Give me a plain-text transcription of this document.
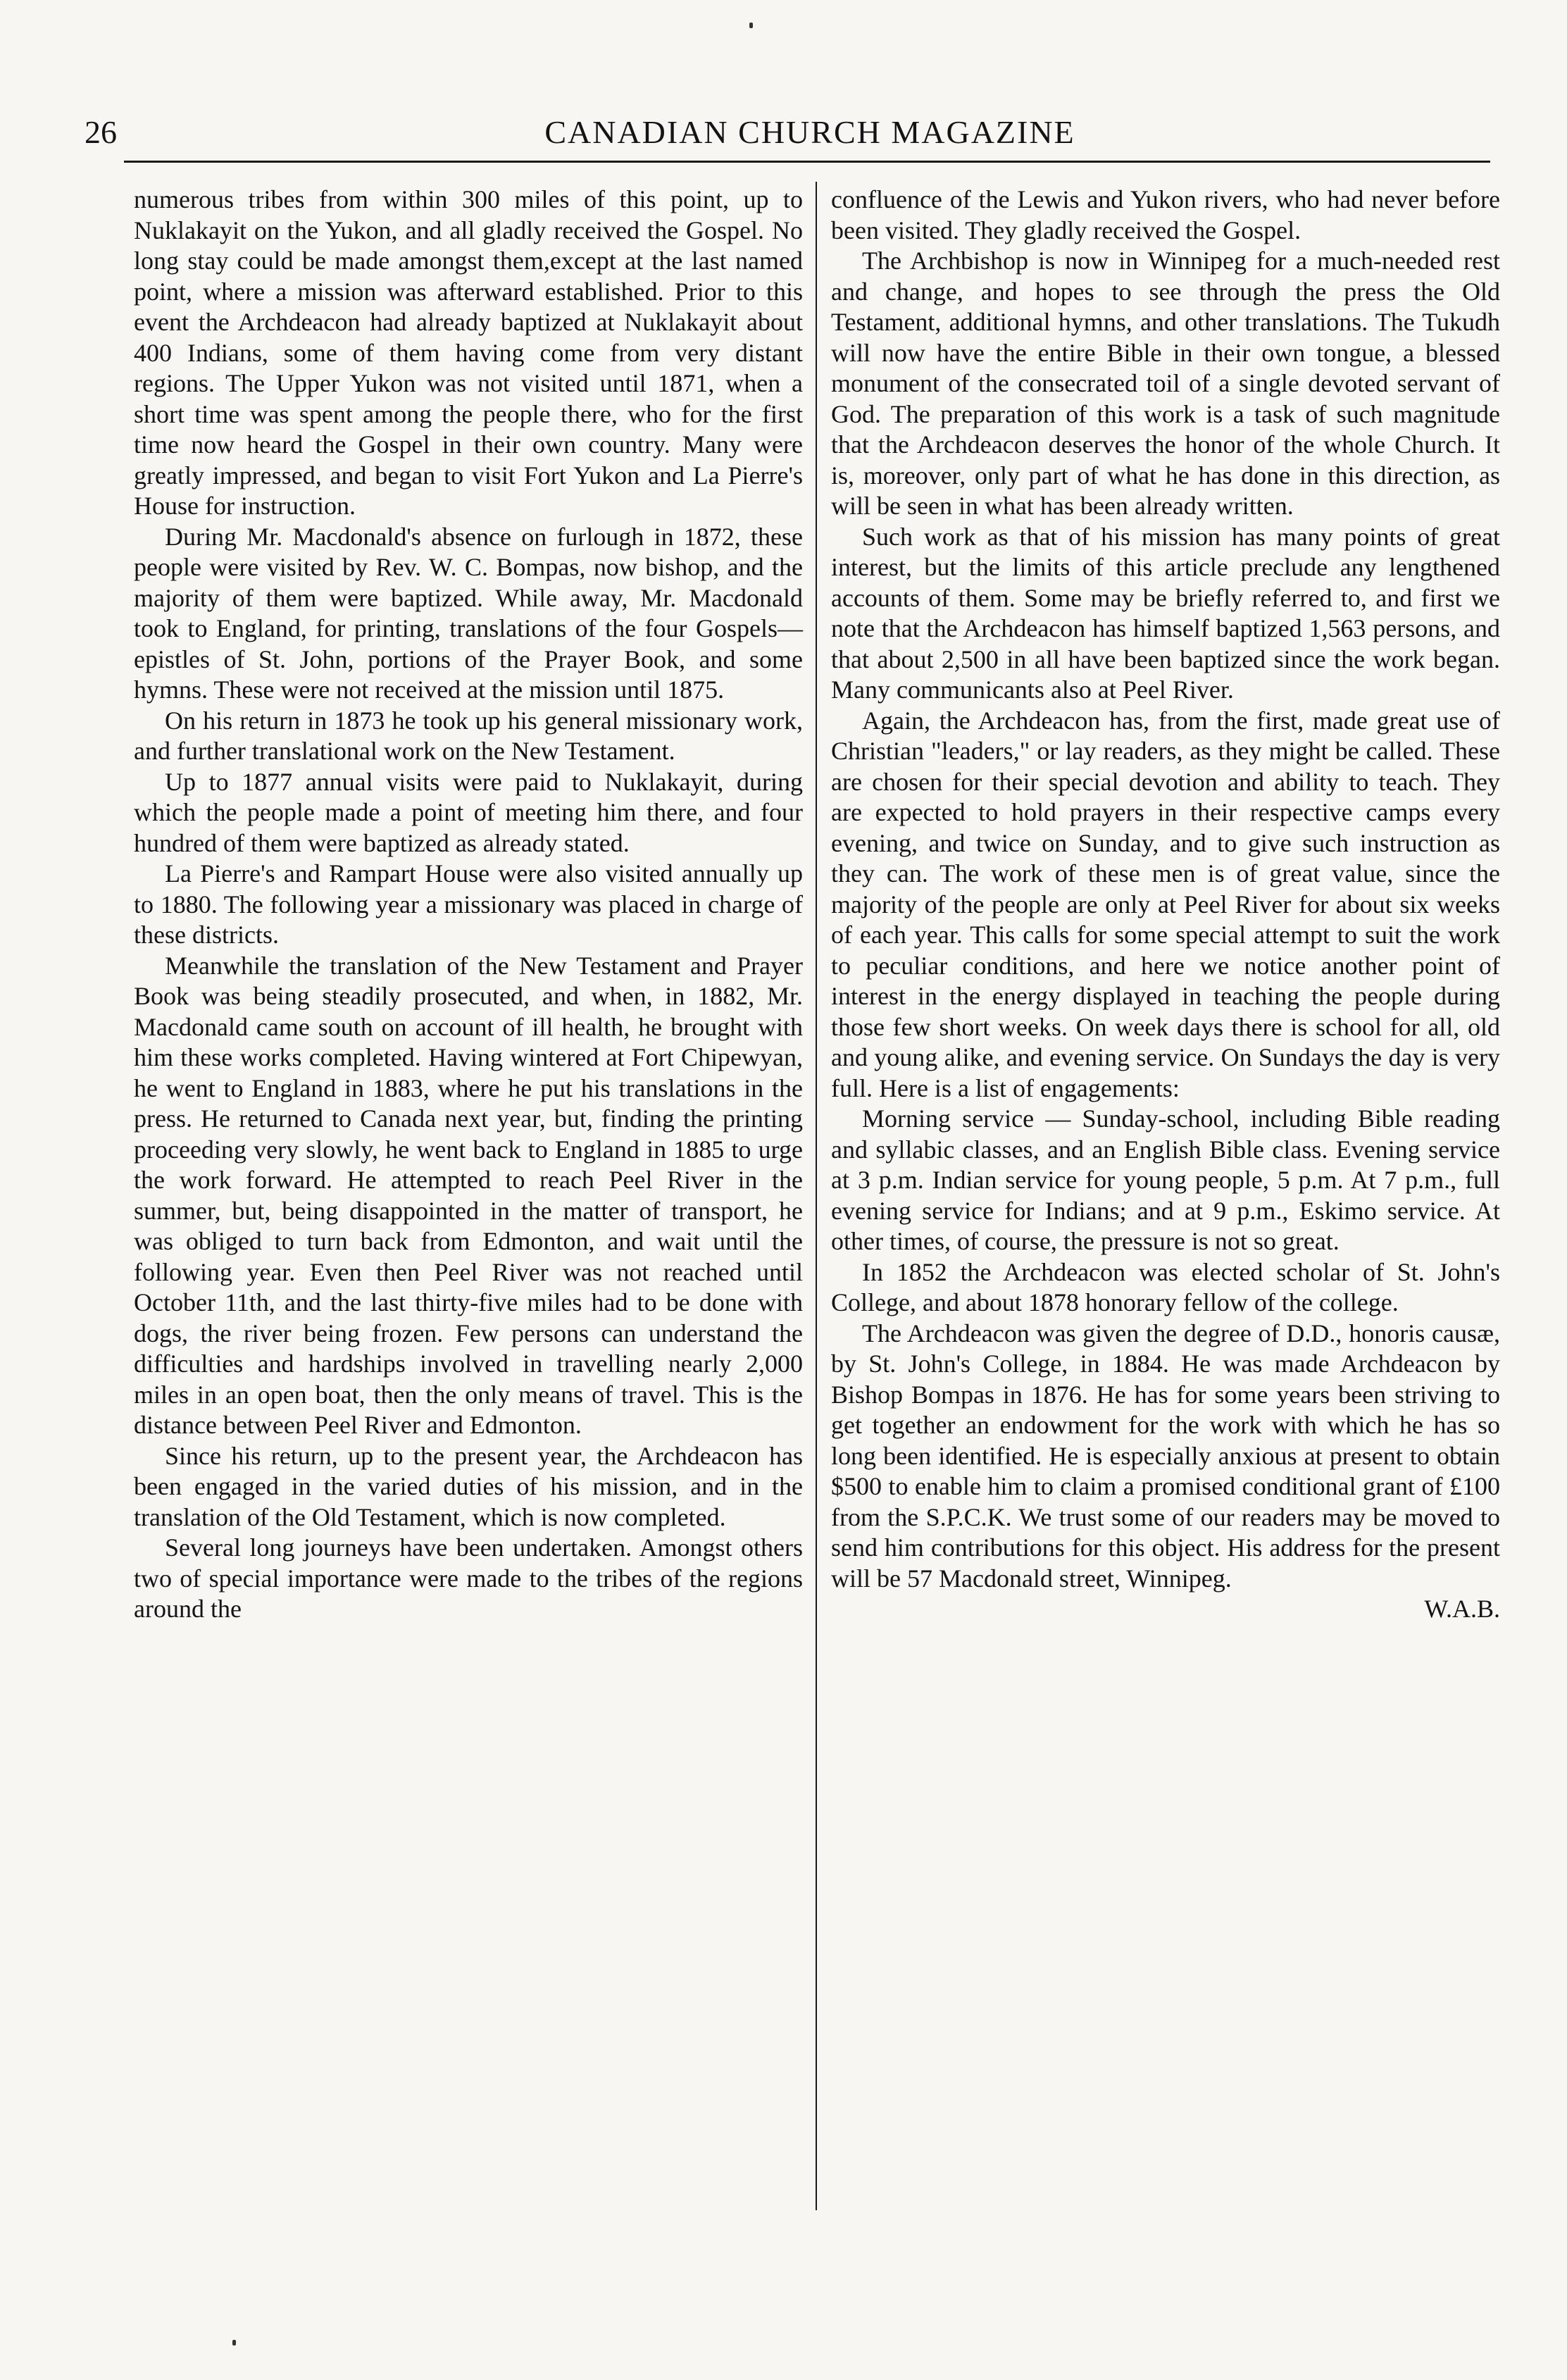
26	CANADIAN CHURCH MAGAZINE

numerous tribes from within 300 miles of this point, up to Nuklakayit on the Yukon, and all gladly received the Gospel. No long stay could be made amongst them,except at the last named point, where a mission was afterward established. Prior to this event the Archdeacon had already baptized at Nuklakayit about 400 Indians, some of them having come from very distant regions. The Upper Yukon was not visited until 1871, when a short time was spent among the people there, who for the first time now heard the Gospel in their own country. Many were greatly impressed, and began to visit Fort Yukon and La Pierre's House for instruction.

During Mr. Macdonald's absence on furlough in 1872, these people were visited by Rev. W. C. Bompas, now bishop, and the majority of them were baptized. While away, Mr. Macdonald took to England, for printing, translations of the four Gospels—epistles of St. John, portions of the Prayer Book, and some hymns. These were not received at the mission until 1875.

On his return in 1873 he took up his general missionary work, and further translational work on the New Testament.

Up to 1877 annual visits were paid to Nuklakayit, during which the people made a point of meeting him there, and four hundred of them were baptized as already stated.

La Pierre's and Rampart House were also visited annually up to 1880. The following year a missionary was placed in charge of these districts.

Meanwhile the translation of the New Testament and Prayer Book was being steadily prosecuted, and when, in 1882, Mr. Macdonald came south on account of ill health, he brought with him these works completed. Having wintered at Fort Chipewyan, he went to England in 1883, where he put his translations in the press. He returned to Canada next year, but, finding the printing proceeding very slowly, he went back to England in 1885 to urge the work forward. He attempted to reach Peel River in the summer, but, being disappointed in the matter of transport, he was obliged to turn back from Edmonton, and wait until the following year. Even then Peel River was not reached until October 11th, and the last thirty-five miles had to be done with dogs, the river being frozen. Few persons can understand the difficulties and hardships involved in travelling nearly 2,000 miles in an open boat, then the only means of travel. This is the distance between Peel River and Edmonton.

Since his return, up to the present year, the Archdeacon has been engaged in the varied duties of his mission, and in the translation of the Old Testament, which is now completed.

Several long journeys have been undertaken. Amongst others two of special importance were made to the tribes of the regions around the

confluence of the Lewis and Yukon rivers, who had never before been visited. They gladly received the Gospel.

The Archbishop is now in Winnipeg for a much-needed rest and change, and hopes to see through the press the Old Testament, additional hymns, and other translations. The Tukudh will now have the entire Bible in their own tongue, a blessed monument of the consecrated toil of a single devoted servant of God. The preparation of this work is a task of such magnitude that the Archdeacon deserves the honor of the whole Church. It is, moreover, only part of what he has done in this direction, as will be seen in what has been already written.

Such work as that of his mission has many points of great interest, but the limits of this article preclude any lengthened accounts of them. Some may be briefly referred to, and first we note that the Archdeacon has himself baptized 1,563 persons, and that about 2,500 in all have been baptized since the work began. Many communicants also at Peel River.

Again, the Archdeacon has, from the first, made great use of Christian "leaders," or lay readers, as they might be called. These are chosen for their special devotion and ability to teach. They are expected to hold prayers in their respective camps every evening, and twice on Sunday, and to give such instruction as they can. The work of these men is of great value, since the majority of the people are only at Peel River for about six weeks of each year. This calls for some special attempt to suit the work to peculiar conditions, and here we notice another point of interest in the energy displayed in teaching the people during those few short weeks. On week days there is school for all, old and young alike, and evening service. On Sundays the day is very full. Here is a list of engagements:

Morning service — Sunday-school, including Bible reading and syllabic classes, and an English Bible class. Evening service at 3 p.m. Indian service for young people, 5 p.m. At 7 p.m., full evening service for Indians; and at 9 p.m., Eskimo service. At other times, of course, the pressure is not so great.

In 1852 the Archdeacon was elected scholar of St. John's College, and about 1878 honorary fellow of the college.

The Archdeacon was given the degree of D.D., honoris causæ, by St. John's College, in 1884. He was made Archdeacon by Bishop Bompas in 1876. He has for some years been striving to get together an endowment for the work with which he has so long been identified. He is especially anxious at present to obtain $500 to enable him to claim a promised conditional grant of £100 from the S.P.C.K. We trust some of our readers may be moved to send him contributions for this object. His address for the present will be 57 Macdonald street, Winnipeg.

W.A.B.
